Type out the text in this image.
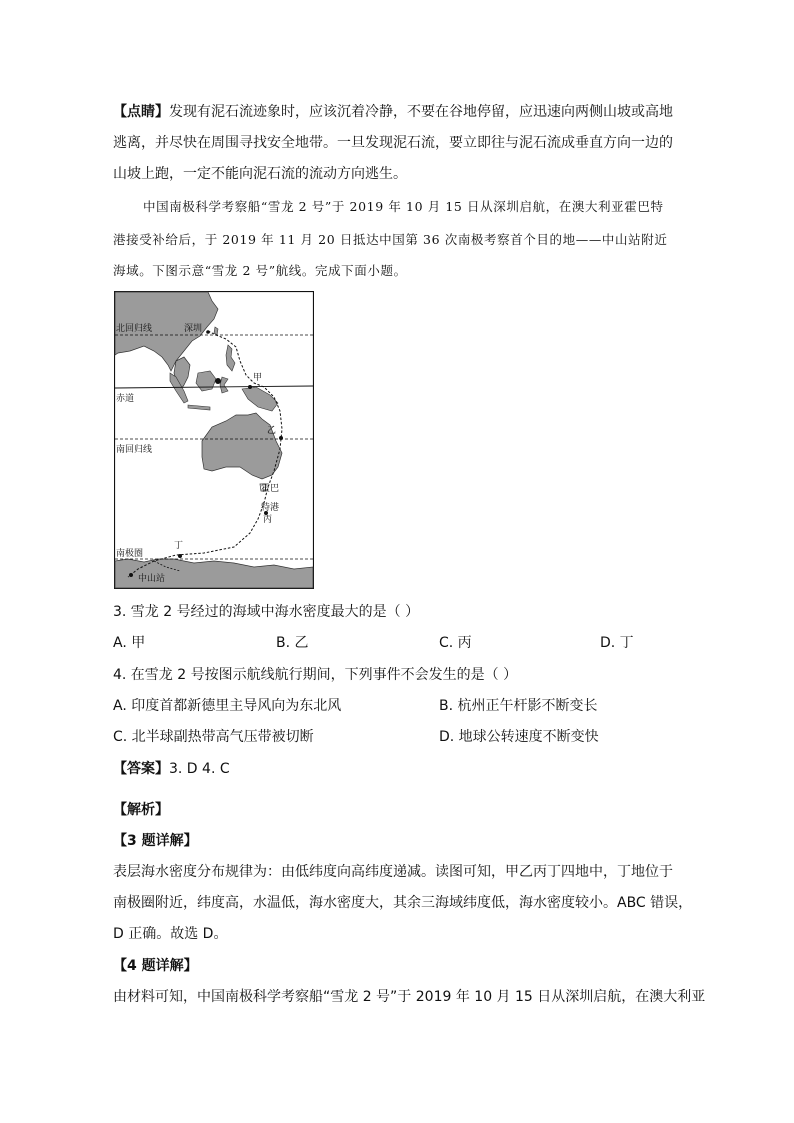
【点睛】发现有泥石流迹象时，应该沉着冷静，不要在谷地停留，应迅速向两侧山坡或高地
逃离，并尽快在周围寻找安全地带。一旦发现泥石流，要立即往与泥石流成垂直方向一边的
山坡上跑，一定不能向泥石流的流动方向逃生。
中国南极科学考察船“雪龙 2 号”于 2019 年 10 月 15 日从深圳启航，在澳大利亚霍巴特
港接受补给后，于 2019 年 11 月 20 日抵达中国第 36 次南极考察首个目的地——中山站附近
海域。下图示意“雪龙 2 号”航线。完成下面小题。
北回归线	深圳
甲
赤道
乙
南回归线
霍巴
特港
丙
南极圈
丁
中山站
3. 雪龙 2 号经过的海域中海水密度最大的是（ ）
A. 甲	B. 乙	C. 丙	D. 丁
4. 在雪龙 2 号按图示航线航行期间，下列事件不会发生的是（ ）
A. 印度首都新德里主导风向为东北风	B. 杭州正午杆影不断变长
C. 北半球副热带高气压带被切断	D. 地球公转速度不断变快
【答案】3. D 4. C
【解析】
【3 题详解】
表层海水密度分布规律为：由低纬度向高纬度递减。读图可知，甲乙丙丁四地中，丁地位于
南极圈附近，纬度高，水温低，海水密度大，其余三海域纬度低，海水密度较小。ABC 错误，
D 正确。故选 D。
【4 题详解】
由材料可知，中国南极科学考察船“雪龙 2 号”于 2019 年 10 月 15 日从深圳启航，在澳大利亚
